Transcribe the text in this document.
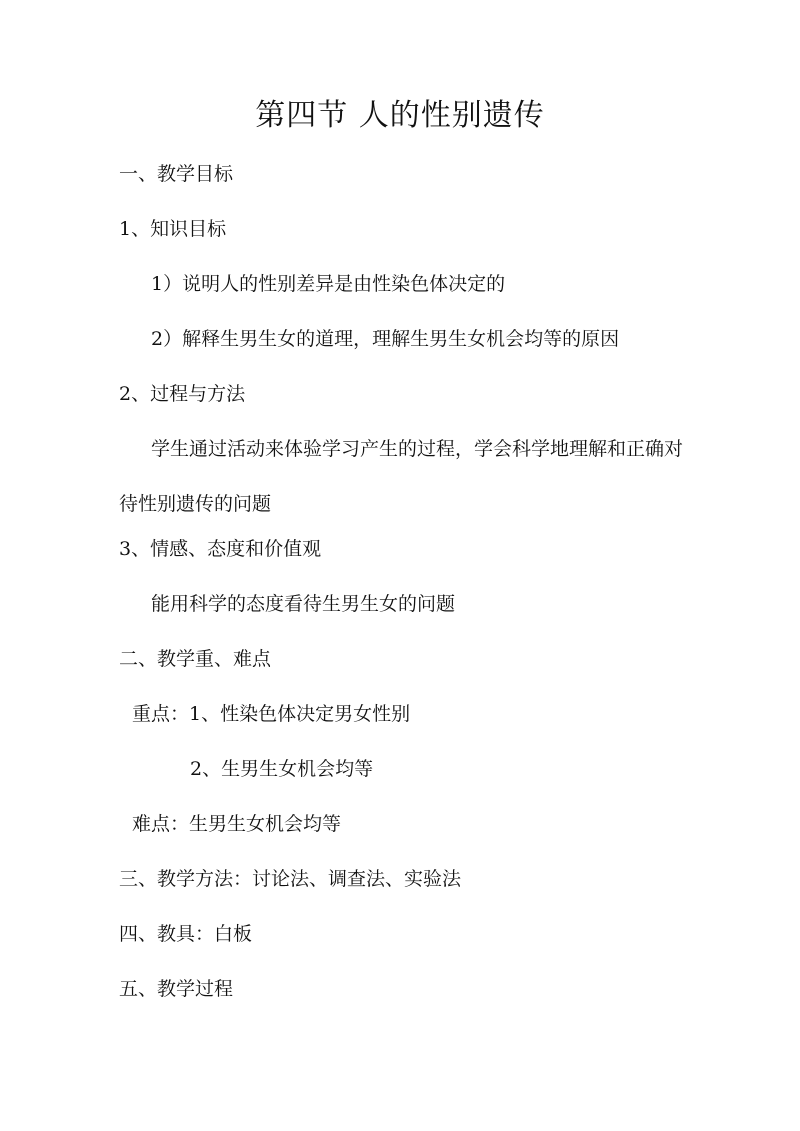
第四节 人的性别遗传
一、教学目标
1、知识目标
1）说明人的性别差异是由性染色体决定的
2）解释生男生女的道理，理解生男生女机会均等的原因
2、过程与方法
学生通过活动来体验学习产生的过程，学会科学地理解和正确对待性别遗传的问题
3、情感、态度和价值观
能用科学的态度看待生男生女的问题
二、教学重、难点
重点：1、性染色体决定男女性别
2、生男生女机会均等
难点：生男生女机会均等
三、教学方法：讨论法、调查法、实验法
四、教具：白板
五、教学过程
